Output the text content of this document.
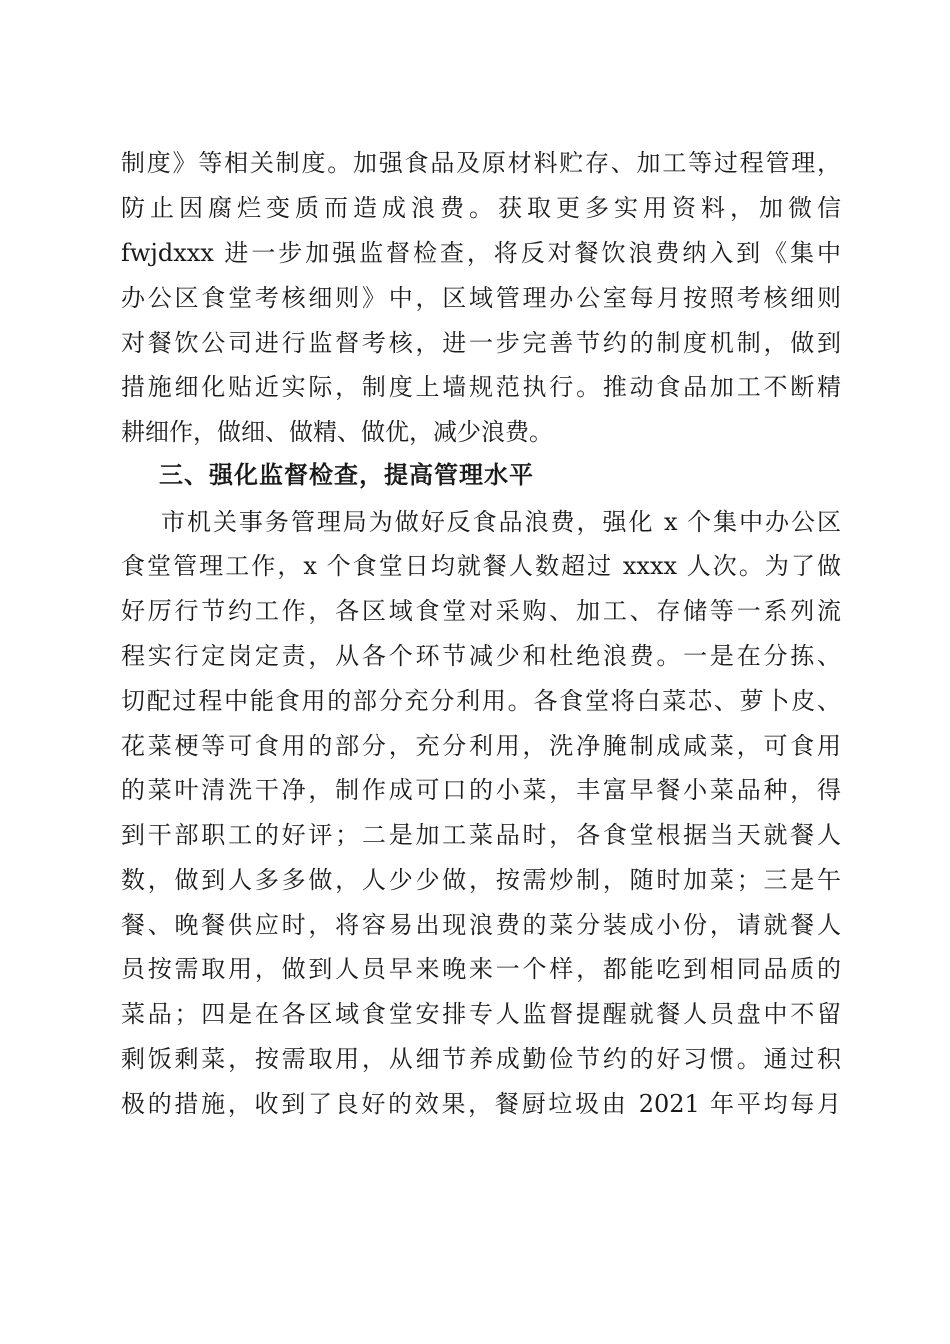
制度》等相关制度。加强食品及原材料贮存、加工等过程管理，
防止因腐烂变质而造成浪费。获取更多实用资料，加微信
fwjdxxx 进一步加强监督检查，将反对餐饮浪费纳入到《集中
办公区食堂考核细则》中，区域管理办公室每月按照考核细则
对餐饮公司进行监督考核，进一步完善节约的制度机制，做到
措施细化贴近实际，制度上墙规范执行。推动食品加工不断精
耕细作，做细、做精、做优，减少浪费。
三、强化监督检查，提高管理水平
市机关事务管理局为做好反食品浪费，强化 x 个集中办公区
食堂管理工作，x 个食堂日均就餐人数超过 xxxx 人次。为了做
好厉行节约工作，各区域食堂对采购、加工、存储等一系列流
程实行定岗定责，从各个环节减少和杜绝浪费。一是在分拣、
切配过程中能食用的部分充分利用。各食堂将白菜芯、萝卜皮、
花菜梗等可食用的部分，充分利用，洗净腌制成咸菜，可食用
的菜叶清洗干净，制作成可口的小菜，丰富早餐小菜品种，得
到干部职工的好评；二是加工菜品时，各食堂根据当天就餐人
数，做到人多多做，人少少做，按需炒制，随时加菜；三是午
餐、晚餐供应时，将容易出现浪费的菜分装成小份，请就餐人
员按需取用，做到人员早来晚来一个样，都能吃到相同品质的
菜品；四是在各区域食堂安排专人监督提醒就餐人员盘中不留
剩饭剩菜，按需取用，从细节养成勤俭节约的好习惯。通过积
极的措施，收到了良好的效果，餐厨垃圾由 2021 年平均每月
